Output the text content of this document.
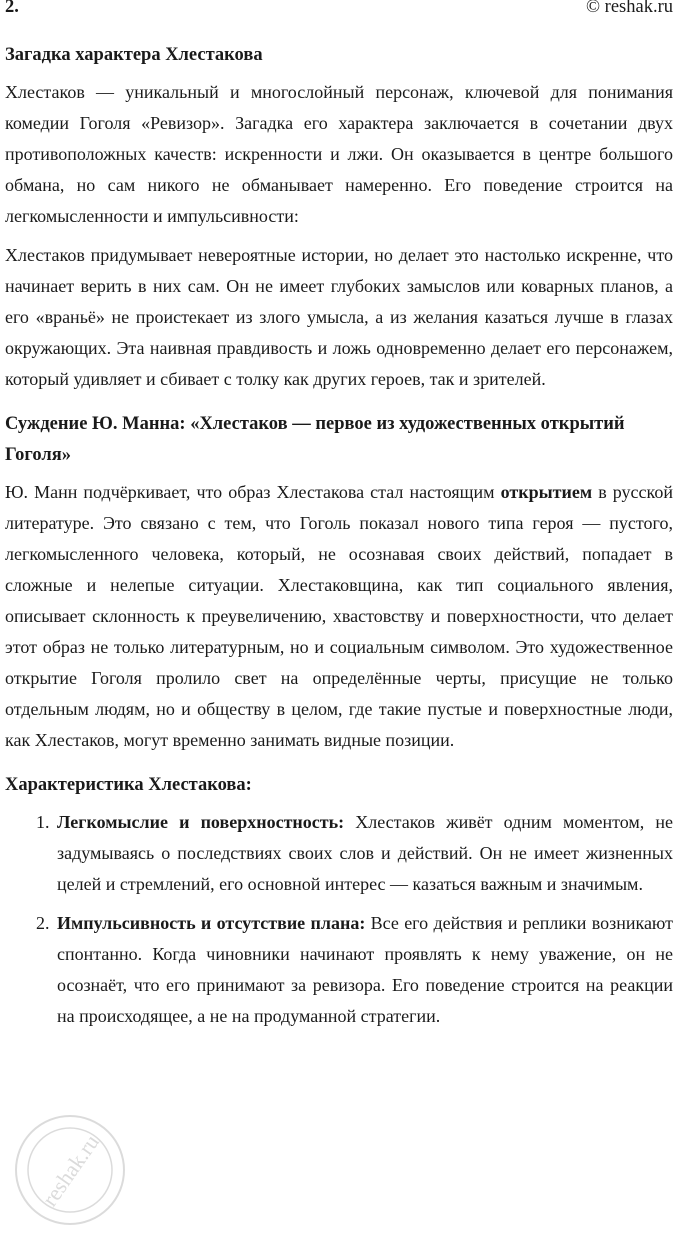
2.	© reshak.ru
Загадка характера Хлестакова

Хлестаков — уникальный и многослойный персонаж, ключевой для понимания комедии Гоголя «Ревизор». Загадка его характера заключается в сочетании двух противоположных качеств: искренности и лжи. Он оказывается в центре большого обмана, но сам никого не обманывает намеренно. Его поведение строится на легкомысленности и импульсивности:

Хлестаков придумывает невероятные истории, но делает это настолько искренне, что начинает верить в них сам. Он не имеет глубоких замыслов или коварных планов, а его «враньё» не проистекает из злого умысла, а из желания казаться лучше в глазах окружающих. Эта наивная правдивость и ложь одновременно делает его персонажем, который удивляет и сбивает с толку как других героев, так и зрителей.

Суждение Ю. Манна: «Хлестаков — первое из художественных открытий Гоголя»

Ю. Манн подчёркивает, что образ Хлестакова стал настоящим открытием в русской литературе. Это связано с тем, что Гоголь показал нового типа героя — пустого, легкомысленного человека, который, не осознавая своих действий, попадает в сложные и нелепые ситуации. Хлестаковщина, как тип социального явления, описывает склонность к преувеличению, хвастовству и поверхностности, что делает этот образ не только литературным, но и социальным символом. Это художественное открытие Гоголя пролило свет на определённые черты, присущие не только отдельным людям, но и обществу в целом, где такие пустые и поверхностные люди, как Хлестаков, могут временно занимать видные позиции.

Характеристика Хлестакова:
1. Легкомыслие и поверхностность: Хлестаков живёт одним моментом, не задумываясь о последствиях своих слов и действий. Он не имеет жизненных целей и стремлений, его основной интерес — казаться важным и значимым.
2. Импульсивность и отсутствие плана: Все его действия и реплики возникают спонтанно. Когда чиновники начинают проявлять к нему уважение, он не осознаёт, что его принимают за ревизора. Его поведение строится на реакции на происходящее, а не на продуманной стратегии.
reshak.ru
